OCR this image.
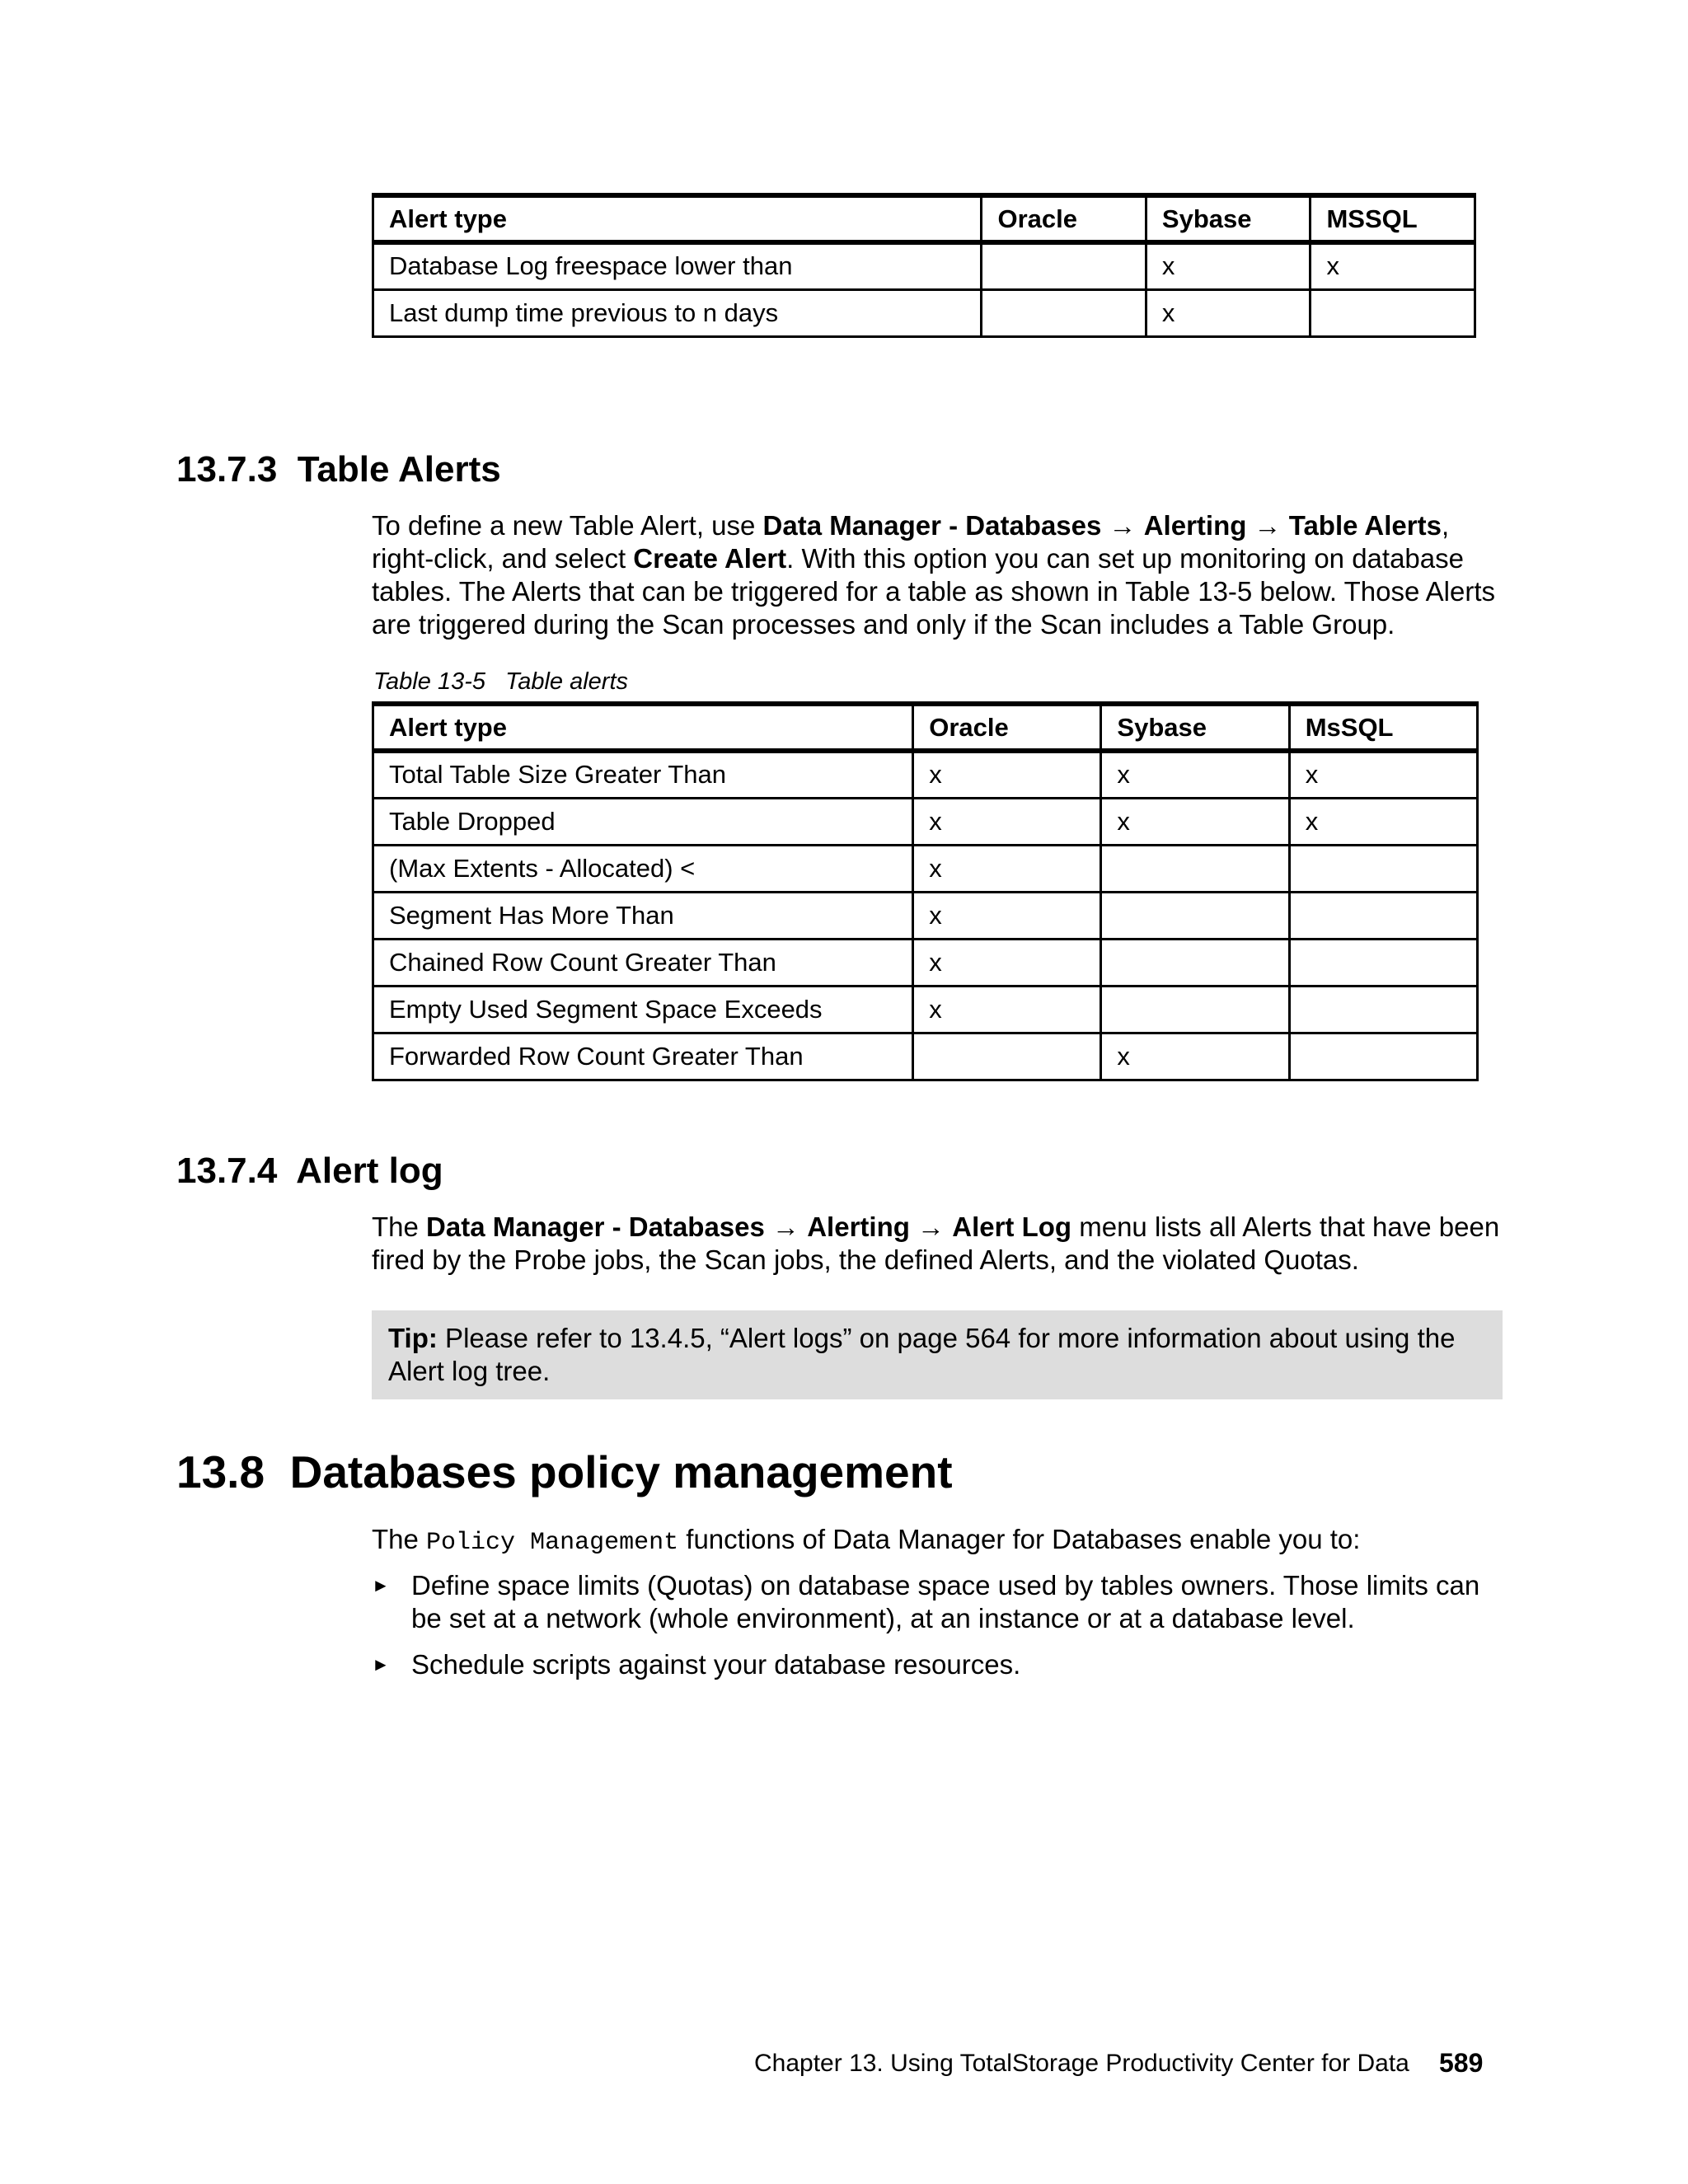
Alert type	Oracle	Sybase	MSSQL
Database Log freespace lower than		x	x
Last dump time previous to n days		x	
13.7.3  Table Alerts
To define a new Table Alert, use Data Manager - Databases → Alerting → Table Alerts, right-click, and select Create Alert. With this option you can set up monitoring on database tables. The Alerts that can be triggered for a table as shown in Table 13-5 below. Those Alerts are triggered during the Scan processes and only if the Scan includes a Table Group.
Table 13-5   Table alerts
Alert type	Oracle	Sybase	MsSQL
Total Table Size Greater Than	x	x	x
Table Dropped	x	x	x
(Max Extents - Allocated) <	x		
Segment Has More Than	x		
Chained Row Count Greater Than	x		
Empty Used Segment Space Exceeds	x		
Forwarded Row Count Greater Than		x	
13.7.4  Alert log
The Data Manager - Databases → Alerting → Alert Log menu lists all Alerts that have been fired by the Probe jobs, the Scan jobs, the defined Alerts, and the violated Quotas.
Tip: Please refer to 13.4.5, “Alert logs” on page 564 for more information about using the Alert log tree.
13.8  Databases policy management
The Policy Management functions of Data Manager for Databases enable you to:
► Define space limits (Quotas) on database space used by tables owners. Those limits can be set at a network (whole environment), at an instance or at a database level.
► Schedule scripts against your database resources.
Chapter 13. Using TotalStorage Productivity Center for Data 589
